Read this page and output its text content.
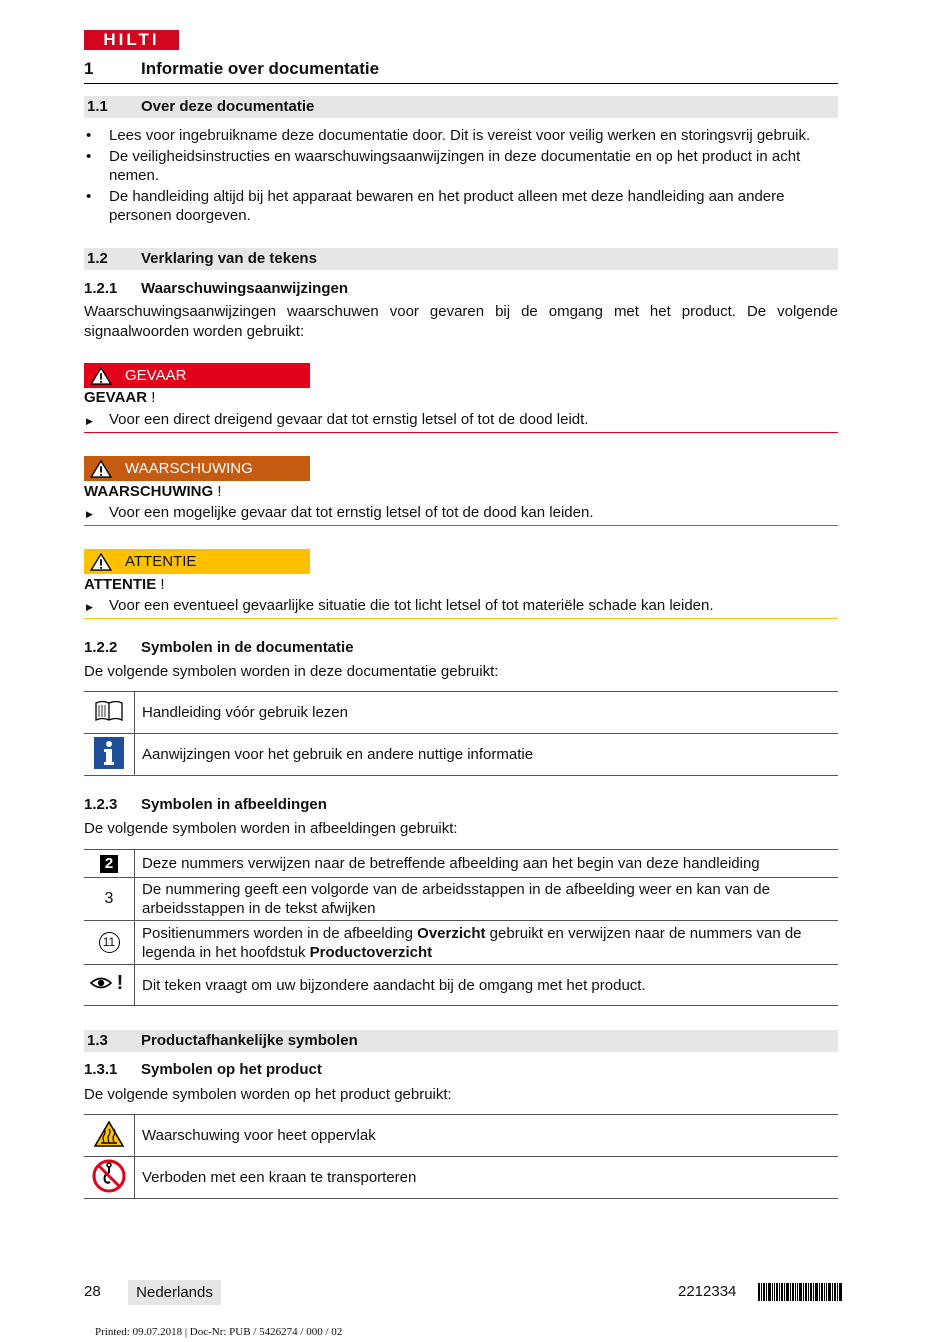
HILTI
1	Informatie over documentatie
1.1 Over deze documentatie
• Lees voor ingebruikname deze documentatie door. Dit is vereist voor veilig werken en storingsvrij gebruik.
• De veiligheidsinstructies en waarschuwingsaanwijzingen in deze documentatie en op het product in acht nemen.
• De handleiding altijd bij het apparaat bewaren en het product alleen met deze handleiding aan andere personen doorgeven.
1.2 Verklaring van de tekens
1.2.1 Waarschuwingsaanwijzingen
Waarschuwingsaanwijzingen waarschuwen voor gevaren bij de omgang met het product. De volgende signaalwoorden worden gebruikt:
GEVAAR
GEVAAR !
▶ Voor een direct dreigend gevaar dat tot ernstig letsel of tot de dood leidt.
WAARSCHUWING
WAARSCHUWING !
▶ Voor een mogelijke gevaar dat tot ernstig letsel of tot de dood kan leiden.
ATTENTIE
ATTENTIE !
▶ Voor een eventueel gevaarlijke situatie die tot licht letsel of tot materiële schade kan leiden.
1.2.2 Symbolen in de documentatie
De volgende symbolen worden in deze documentatie gebruikt:
	Handleiding vóór gebruik lezen
	Aanwijzingen voor het gebruik en andere nuttige informatie
1.2.3 Symbolen in afbeeldingen
De volgende symbolen worden in afbeeldingen gebruikt:
2	Deze nummers verwijzen naar de betreffende afbeelding aan het begin van deze handleiding
3	De nummering geeft een volgorde van de arbeidsstappen in de afbeelding weer en kan van de arbeidsstappen in de tekst afwijken
11	Positienummers worden in de afbeelding Overzicht gebruikt en verwijzen naar de nummers van de legenda in het hoofdstuk Productoverzicht
!	Dit teken vraagt om uw bijzondere aandacht bij de omgang met het product.
1.3 Productafhankelijke symbolen
1.3.1 Symbolen op het product
De volgende symbolen worden op het product gebruikt:
	Waarschuwing voor heet oppervlak
	Verboden met een kraan te transporteren
28	Nederlands	2212334
Printed: 09.07.2018 | Doc-Nr: PUB / 5426274 / 000 / 02
